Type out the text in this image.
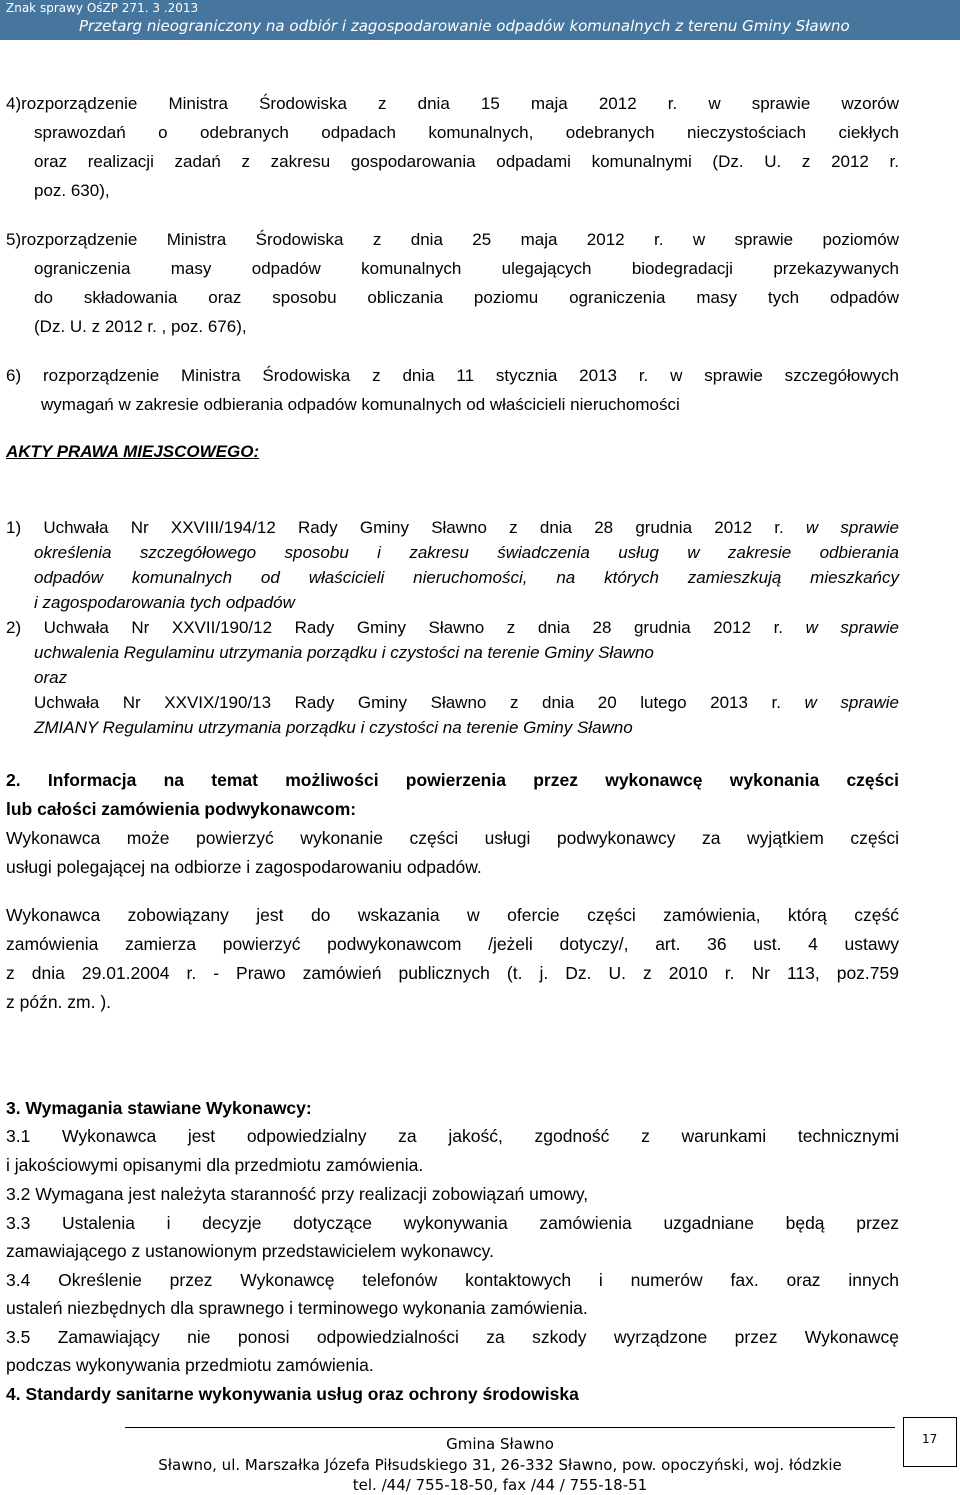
Znak sprawy OśZP 271. 3 .2013
Przetarg nieograniczony na odbiór i zagospodarowanie odpadów komunalnych z terenu Gminy Sławno
4)rozporządzenie Ministra Środowiska z dnia 15 maja 2012 r. w sprawie wzorów
sprawozdań o odebranych odpadach komunalnych, odebranych nieczystościach ciekłych
oraz realizacji zadań z zakresu gospodarowania odpadami komunalnymi (Dz. U. z 2012 r.
poz. 630),
5)rozporządzenie Ministra Środowiska z dnia 25 maja 2012 r. w sprawie poziomów
ograniczenia masy odpadów komunalnych ulegających biodegradacji przekazywanych
do składowania oraz sposobu obliczania poziomu ograniczenia masy tych odpadów
(Dz. U. z 2012 r. , poz. 676),
6) rozporządzenie Ministra Środowiska z dnia 11 stycznia 2013 r. w sprawie szczegółowych
wymagań w zakresie odbierania odpadów komunalnych od właścicieli nieruchomości
AKTY PRAWA MIEJSCOWEGO:
1) Uchwała Nr XXVIII/194/12 Rady Gminy Sławno z dnia 28 grudnia 2012 r. w sprawie
określenia szczegółowego sposobu i zakresu świadczenia usług w zakresie odbierania
odpadów komunalnych od właścicieli nieruchomości, na których zamieszkują mieszkańcy
i zagospodarowania tych odpadów
2) Uchwała Nr XXVII/190/12 Rady Gminy Sławno z dnia 28 grudnia 2012 r. w sprawie
uchwalenia Regulaminu utrzymania porządku i czystości na terenie Gminy Sławno
oraz
Uchwała Nr XXVIX/190/13 Rady Gminy Sławno z dnia 20 lutego 2013 r. w sprawie
ZMIANY Regulaminu utrzymania porządku i czystości na terenie Gminy Sławno
2. Informacja na temat możliwości powierzenia przez wykonawcę wykonania części
lub całości zamówienia podwykonawcom:
Wykonawca może powierzyć wykonanie części usługi podwykonawcy za wyjątkiem części
usługi polegającej na odbiorze i zagospodarowaniu odpadów.
Wykonawca zobowiązany jest do wskazania w ofercie części zamówienia, którą część
zamówienia zamierza powierzyć podwykonawcom /jeżeli dotyczy/, art. 36 ust. 4 ustawy
z dnia 29.01.2004 r. - Prawo zamówień publicznych (t. j. Dz. U. z 2010 r. Nr 113, poz.759
z późn. zm. ).
3. Wymagania stawiane Wykonawcy:
3.1 Wykonawca jest odpowiedzialny za jakość, zgodność z warunkami technicznymi
i jakościowymi opisanymi dla przedmiotu zamówienia.
3.2 Wymagana jest należyta staranność przy realizacji zobowiązań umowy,
3.3 Ustalenia i decyzje dotyczące wykonywania zamówienia uzgadniane będą przez
zamawiającego z ustanowionym przedstawicielem wykonawcy.
3.4 Określenie przez Wykonawcę telefonów kontaktowych i numerów fax. oraz innych
ustaleń niezbędnych dla sprawnego i terminowego wykonania zamówienia.
3.5 Zamawiający nie ponosi odpowiedzialności za szkody wyrządzone przez Wykonawcę
podczas wykonywania przedmiotu zamówienia.
4. Standardy sanitarne wykonywania usług oraz ochrony środowiska
Gmina Sławno
Sławno, ul. Marszałka Józefa Piłsudskiego 31, 26-332 Sławno, pow. opoczyński, woj. łódzkie
tel. /44/ 755-18-50, fax /44 / 755-18-51
17
